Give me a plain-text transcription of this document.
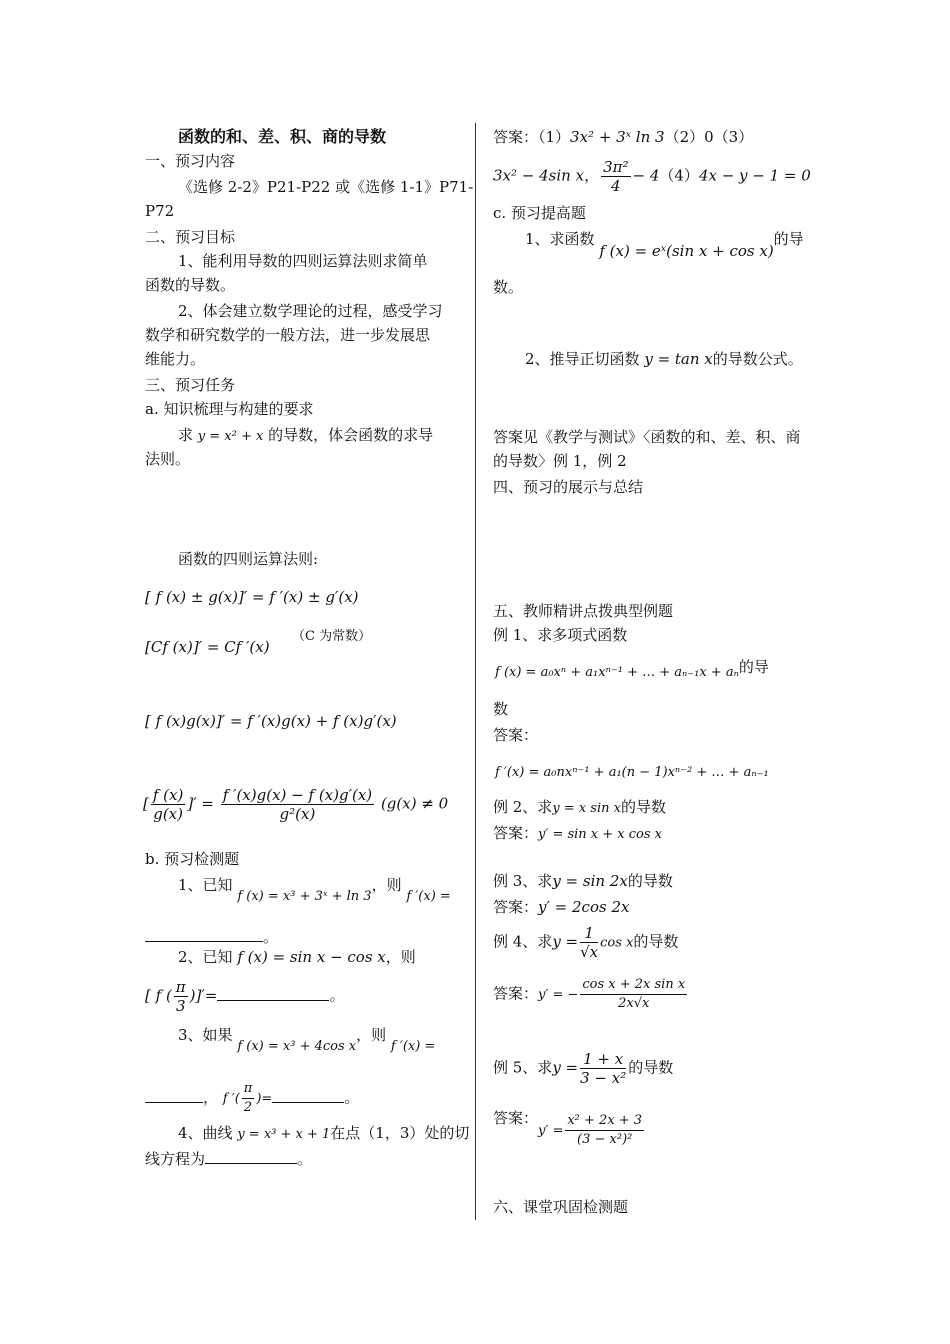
函数的和、差、积、商的导数
一、预习内容
《选修 2-2》P21-P22 或《选修 1-1》P71-
P72
二、预习目标
1、能利用导数的四则运算法则求简单
函数的导数。
2、体会建立数学理论的过程，感受学习
数学和研究数学的一般方法，进一步发展思
维能力。
三、预习任务
a. 知识梳理与构建的要求
求 y = x² + x 的导数，体会函数的求导
法则。
函数的四则运算法则:
[ f (x) ± g(x)]′ = f ′(x) ± g′(x)
[Cf (x)]′ = Cf ′(x)
（C 为常数）
[ f (x)g(x)]′ = f ′(x)g(x) + f (x)g′(x)
[ $\frac{f (x)}{g(x)}$ ]′ = $\frac{f '(x)g(x) - f (x)g'(x)}{\text{g²(x)}} (g(x) \ne 0$
b. 预习检测题
1、已知 f (x) = x³ + 3ˣ + ln 3，则 f ′(x) =
。
2、已知 f (x) = sin x − cos x，则
[ f ( $\frac{\pi}{3}$ )]′=	。
3、如果 f (x) = x³ + 4cos x，则 f ′(x) =
， f ′( $\frac{\pi}{2}$ )=	。
4、曲线 y = x³ + x + 1在点（1，3）处的切
线方程为	。
答案：（1）3x² + 3ˣ ln 3（2）0（3）
3x² − 4sin x， $\frac{\text{3π²}}{4} - 4(4)4x - y - 1 = 0$
c. 预习提高题
1、求函数 f (x) = eˣ(sin x + cos x)的导
数。
2、推导正切函数 y = tan x的导数公式。
答案见《教学与测试》〈函数的和、差、积、商
的导数〉例 1，例 2
四、预习的展示与总结
五、教师精讲点拨典型例题
例 1、求多项式函数
f (x) = a₀xⁿ + a₁xⁿ⁻¹ + … + aₙ₋₁x + aₙ的导
数
答案：
f ′(x) = a₀nxⁿ⁻¹ + a₁(n − 1)xⁿ⁻² + … + aₙ₋₁
例 2、求y = x sin x的导数
答案：y′ = sin x + x cos x
例 3、求y = sin 2x的导数
答案：y′ = 2cos 2x
例 4、求$y = \frac{1}{√x}$ cos x的导数
答案：y′ = − $\frac{\text{cos x + 2x sin x}}{2x√x}$
例 5、求$y = \frac{1 + x}{\text{3 − x²}}$ 的导数
答案：$y' = \frac{\text{x² + 2x + 3}}{\text{(3 − x²)²}}$
六、课堂巩固检测题
